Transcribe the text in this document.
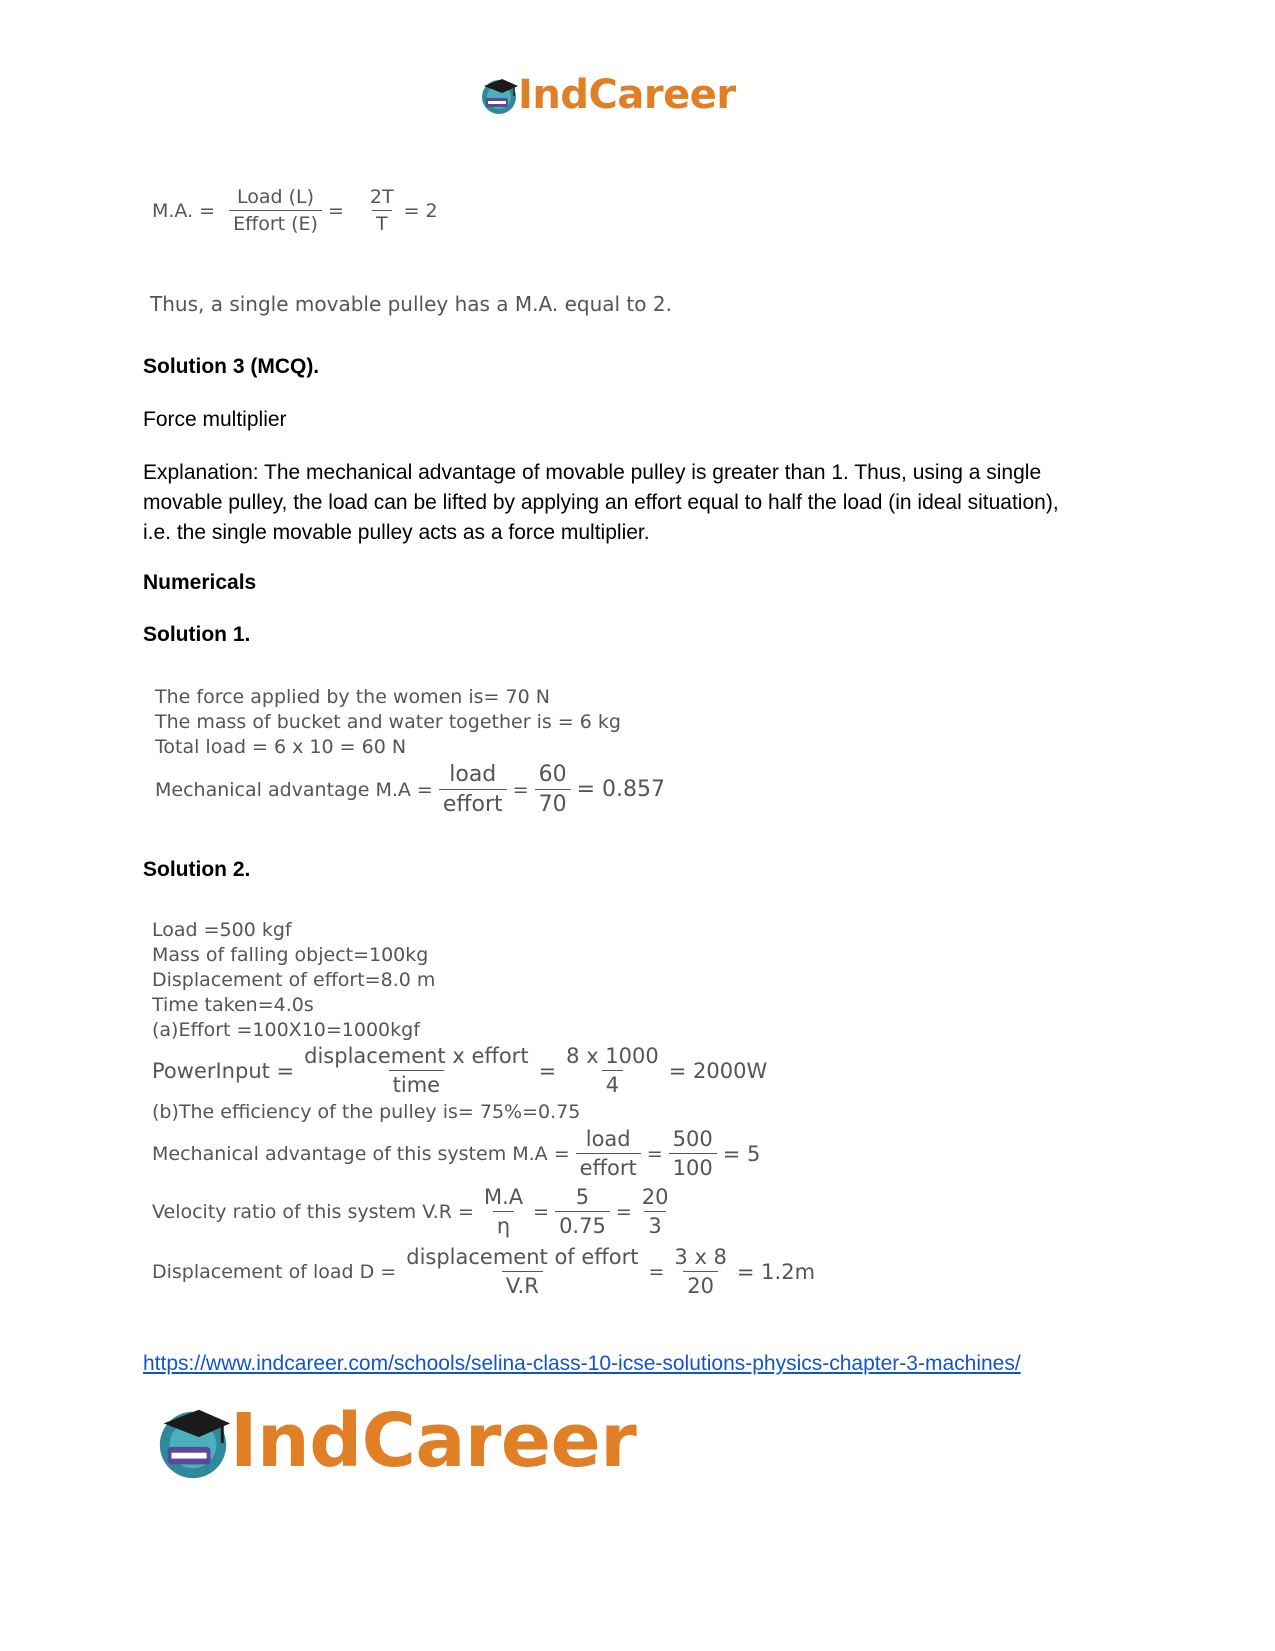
IndCareer
M.A. = $\frac{\text{Load (L)}}{\text{Effort (E)}} = \frac{2T}{T} = 2$
Thus, a single movable pulley has a M.A. equal to 2.
Solution 3 (MCQ).
Force multiplier
Explanation: The mechanical advantage of movable pulley is greater than 1. Thus, using a single movable pulley, the load can be lifted by applying an effort equal to half the load (in ideal situation), i.e. the single movable pulley acts as a force multiplier.
Numericals
Solution 1.
The force applied by the women is= 70 N
The mass of bucket and water together is = 6 kg
Total load = 6 x 10 = 60 N
Mechanical advantage $M.A = \frac{\text{load}}{\text{effort}} = \frac{60}{70} = 0.857$
Solution 2.
Load =500 kgf
Mass of falling object=100kg
Displacement of effort=8.0 m
Time taken=4.0s
(a)Effort =100X10=1000kgf
PowerInput = $\frac{\text{displacement x effort}}{\text{time}} = \frac{8 x 1000}{4} = 2000W$
(b)The efficiency of the pulley is= 75%=0.75
Mechanical advantage of this system $M.A = \frac{\text{load}}{\text{effort}} = \frac{500}{100} = 5$
Velocity ratio of this system $V.R = \frac{M.A}{\eta} = \frac{5}{0.75} = \frac{20}{3}$
Displacement of load $D = \frac{\text{displacement of effort}}{V.R} = \frac{3 x 8}{20} = 1.2m$
https://www.indcareer.com/schools/selina-class-10-icse-solutions-physics-chapter-3-machines/
IndCareer
